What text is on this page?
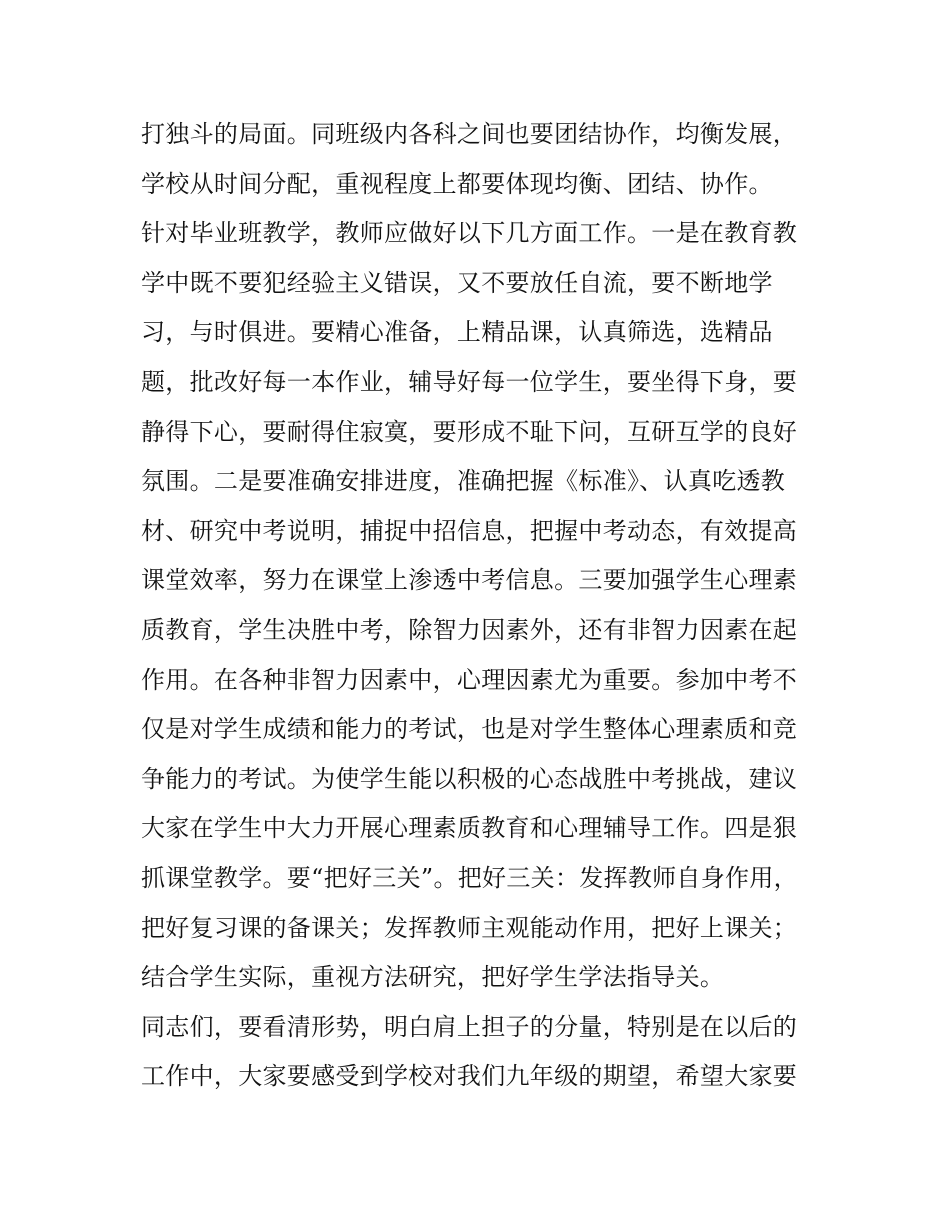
打独斗的局面。同班级内各科之间也要团结协作，均衡发展，
学校从时间分配，重视程度上都要体现均衡、团结、协作。
针对毕业班教学，教师应做好以下几方面工作。一是在教育教
学中既不要犯经验主义错误，又不要放任自流，要不断地学
习，与时俱进。要精心准备，上精品课，认真筛选，选精品
题，批改好每一本作业，辅导好每一位学生，要坐得下身，要
静得下心，要耐得住寂寞，要形成不耻下问，互研互学的良好
氛围。二是要准确安排进度，准确把握《标准》、认真吃透教
材、研究中考说明，捕捉中招信息，把握中考动态，有效提高
课堂效率，努力在课堂上渗透中考信息。三要加强学生心理素
质教育，学生决胜中考，除智力因素外，还有非智力因素在起
作用。在各种非智力因素中，心理因素尤为重要。参加中考不
仅是对学生成绩和能力的考试，也是对学生整体心理素质和竞
争能力的考试。为使学生能以积极的心态战胜中考挑战，建议
大家在学生中大力开展心理素质教育和心理辅导工作。四是狠
抓课堂教学。要“把好三关”。把好三关：发挥教师自身作用，
把好复习课的备课关；发挥教师主观能动作用，把好上课关；
结合学生实际，重视方法研究，把好学生学法指导关。
同志们，要看清形势，明白肩上担子的分量，特别是在以后的
工作中，大家要感受到学校对我们九年级的期望，希望大家要
